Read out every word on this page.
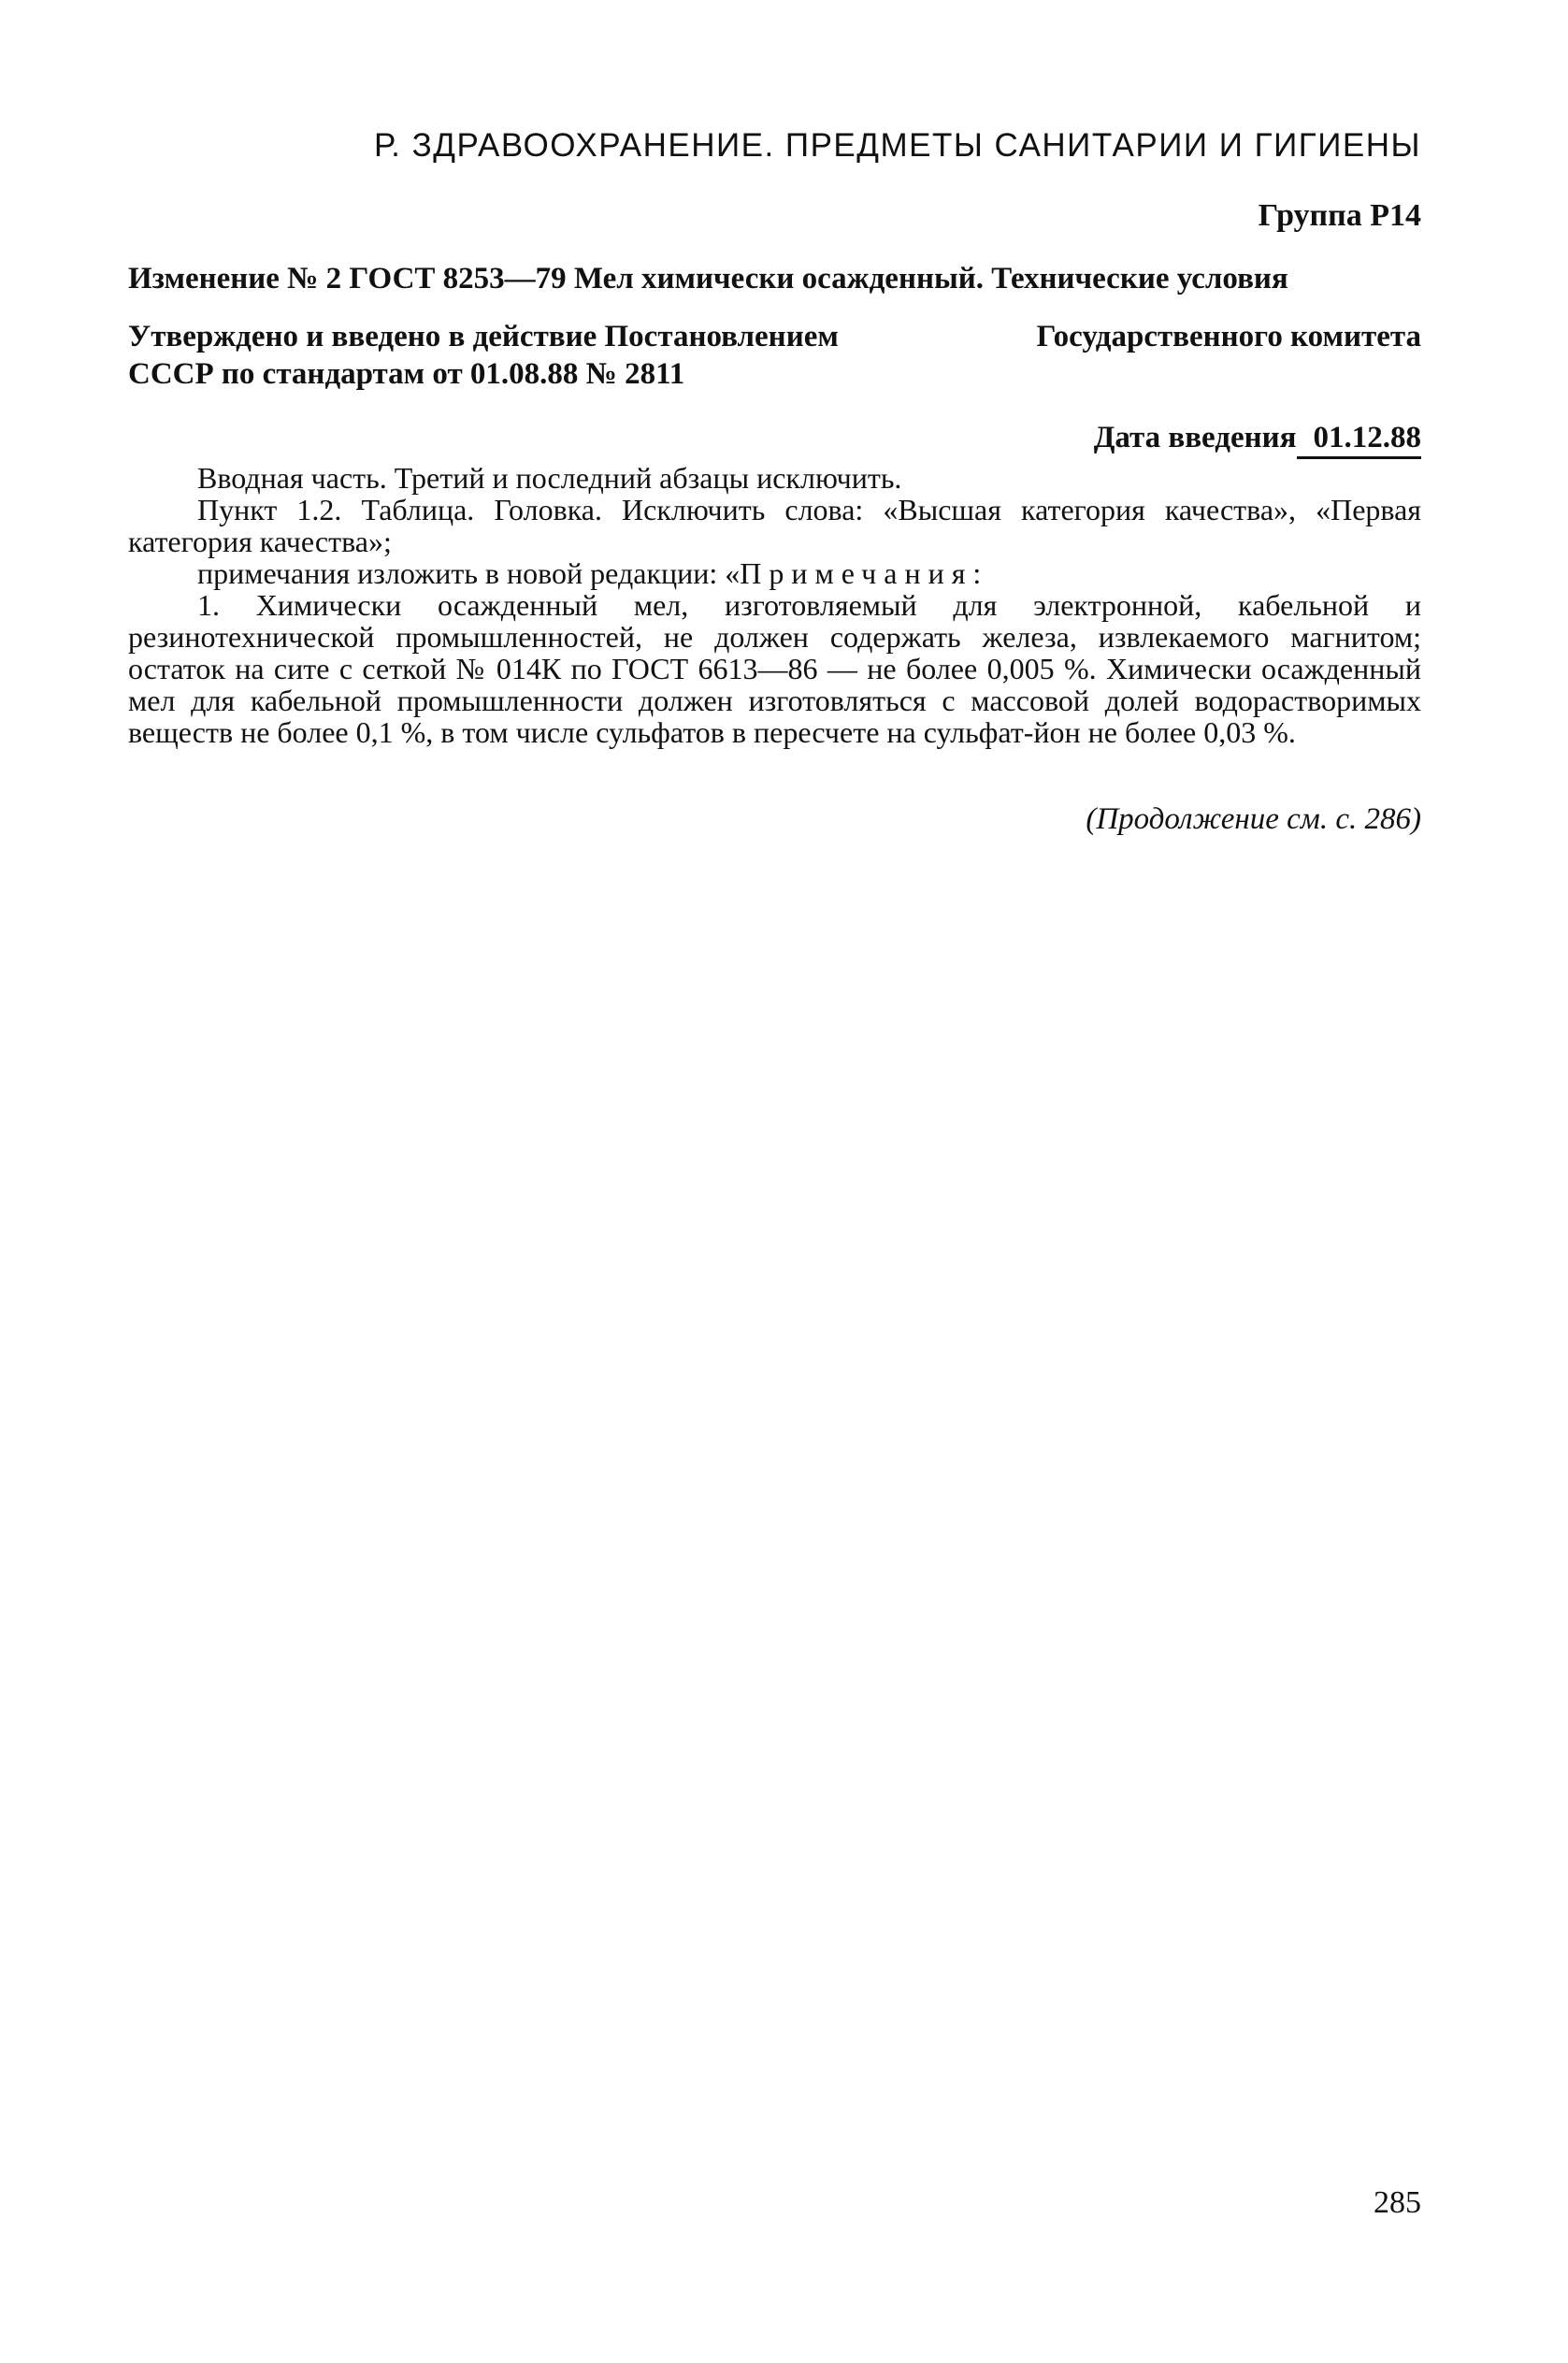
Р. ЗДРАВООХРАНЕНИЕ. ПРЕДМЕТЫ САНИТАРИИ И ГИГИЕНЫ
Группа Р14
Изменение № 2 ГОСТ 8253—79 Мел химически осажденный. Технические условия
Утверждено и введено в действие Постановлением	Государственного комитета
СССР по стандартам от 01.08.88 № 2811
Дата введения 01.12.88

Вводная часть. Третий и последний абзацы исключить.

Пункт 1.2. Таблица. Головка. Исключить слова: «Высшая категория качества», «Первая категория качества»;

примечания изложить в новой редакции: «Примечания:

1. Химически осажденный мел, изготовляемый для электронной, кабельной и резинотехнической промышленностей, не должен содержать железа, извлекаемого магнитом; остаток на сите с сеткой № 014К по ГОСТ 6613—86 — не более 0,005 %. Химически осажденный мел для кабельной промышленности должен изготовляться с массовой долей водорастворимых веществ не более 0,1 %, в том числе сульфатов в пересчете на сульфат-йон не более 0,03 %.

(Продолжение см. с. 286)
285
